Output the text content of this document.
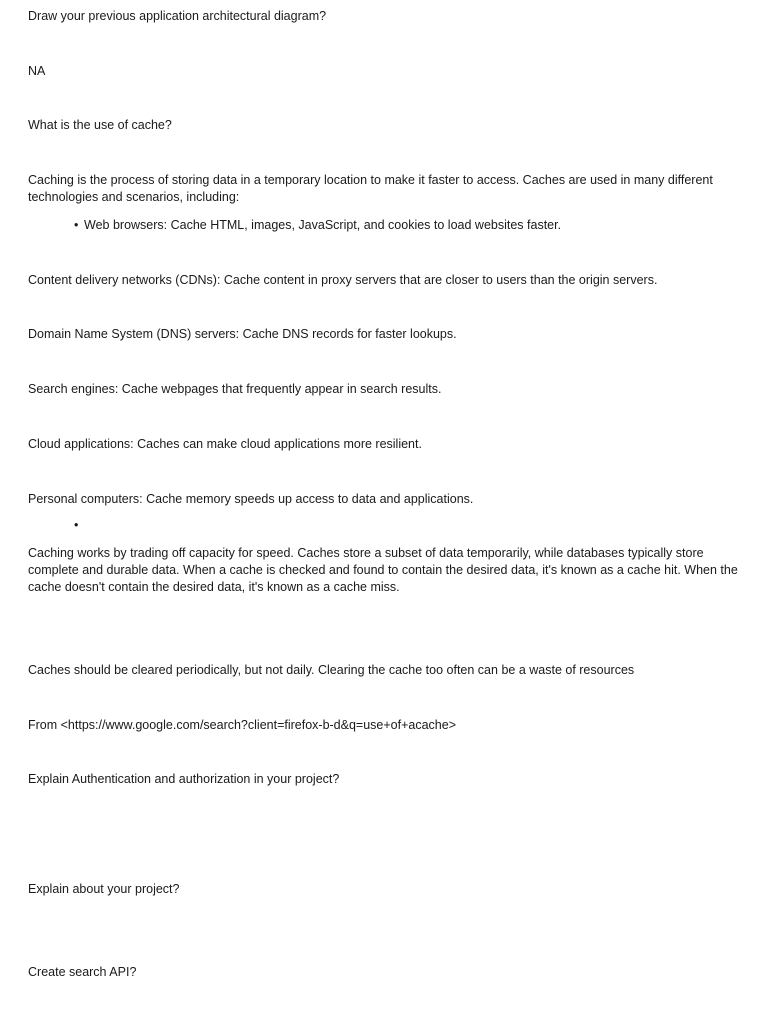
Draw your previous application architectural diagram?

NA

What is the use of cache?

Caching is the process of storing data in a temporary location to make it faster to access. Caches are used in many different technologies and scenarios, including:

• Web browsers: Cache HTML, images, JavaScript, and cookies to load websites faster.

Content delivery networks (CDNs): Cache content in proxy servers that are closer to users than the origin servers.

Domain Name System (DNS) servers: Cache DNS records for faster lookups.

Search engines: Cache webpages that frequently appear in search results.

Cloud applications: Caches can make cloud applications more resilient.

Personal computers: Cache memory speeds up access to data and applications.

•

Caching works by trading off capacity for speed. Caches store a subset of data temporarily, while databases typically store complete and durable data. When a cache is checked and found to contain the desired data, it's known as a cache hit. When the cache doesn't contain the desired data, it's known as a cache miss.

Caches should be cleared periodically, but not daily. Clearing the cache too often can be a waste of resources

From <https://www.google.com/search?client=firefox-b-d&q=use+of+acache>

Explain Authentication and authorization in your project?

Explain about your project?

Create search API?
